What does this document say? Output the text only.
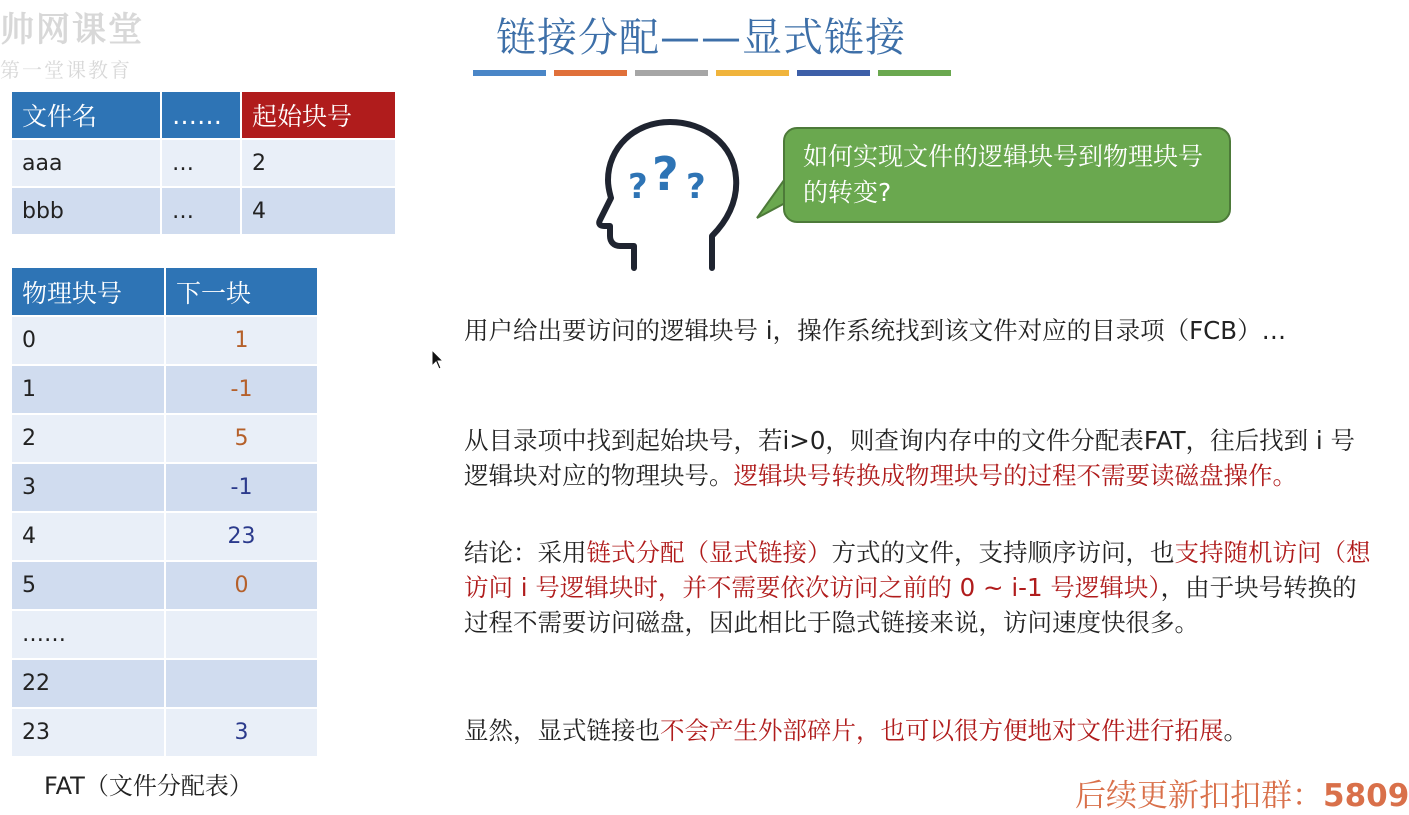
帅网课堂
第一堂课教育
链接分配——显式链接
文件名	……	起始块号
aaa	…	2
bbb	…	4
物理块号	下一块
0	1
1	-1
2	5
3	-1
4	23
5	0
……	
22	
23	3
FAT（文件分配表）
? ? ?
如何实现文件的逻辑块号到物理块号的转变?
用户给出要访问的逻辑块号 i，操作系统找到该文件对应的目录项（FCB）…
从目录项中找到起始块号，若i>0，则查询内存中的文件分配表FAT，往后找到 i 号逻辑块对应的物理块号。逻辑块号转换成物理块号的过程不需要读磁盘操作。
结论：采用链式分配（显式链接）方式的文件，支持顺序访问，也支持随机访问（想访问 i 号逻辑块时，并不需要依次访问之前的 0 ~ i-1 号逻辑块），由于块号转换的过程不需要访问磁盘，因此相比于隐式链接来说，访问速度快很多。
显然，显式链接也不会产生外部碎片，也可以很方便地对文件进行拓展。
后续更新扣扣群：5809
